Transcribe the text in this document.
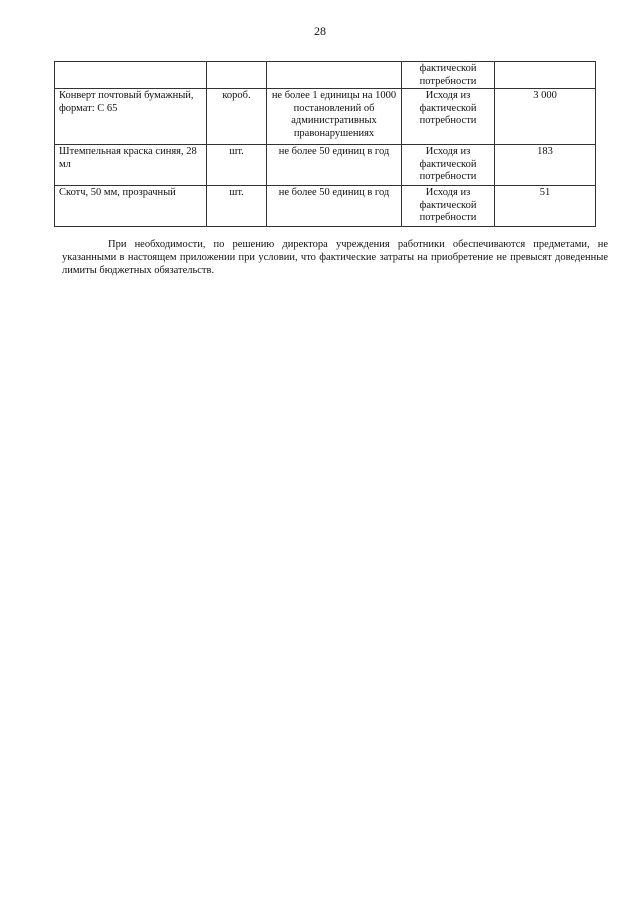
28
			фактической потребности	
Конверт почтовый бумажный, формат: С 65	короб.	не более 1 единицы на 1000 постановлений об административных правонарушениях	Исходя из фактической потребности	3 000
Штемпельная краска синяя, 28 мл	шт.	не более 50 единиц в год	Исходя из фактической потребности	183
Скотч, 50 мм, прозрачный	шт.	не более 50 единиц в год	Исходя из фактической потребности	51

При необходимости, по решению директора учреждения работники обеспечиваются предметами, не указанными в настоящем приложении при условии, что фактические затраты на приобретение не превысят доведенные лимиты бюджетных обязательств.
